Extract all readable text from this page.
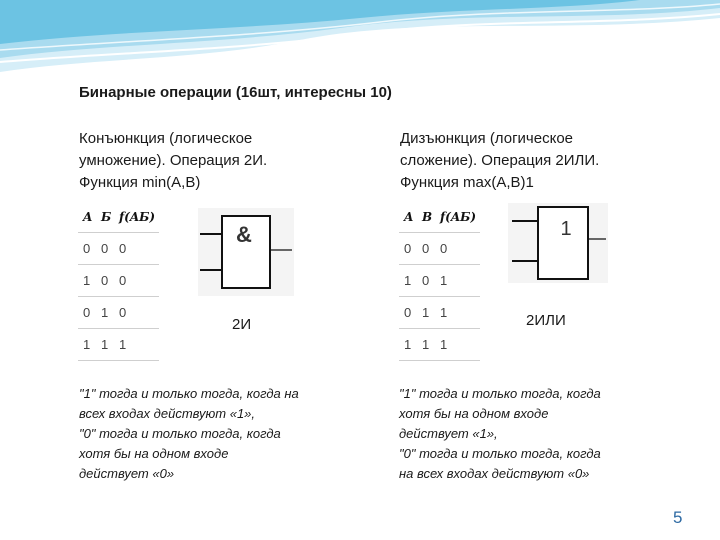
Бинарные операции (16шт, интересны 10)
Конъюнкция (логическое
умножение). Операция 2И.
Функция min(A,B)
Дизъюнкция (логическое
сложение). Операция 2ИЛИ.
Функция max(A,B)1
A	Б	f(AБ)
0	0	0
1	0	0
0	1	0
1	1	1
A	B	f(AБ)
0	0	0
1	0	1
0	1	1
1	1	1
&
2И
1
2ИЛИ
"1" тогда и только тогда, когда на
всех входах действуют «1»,
"0" тогда и только тогда, когда
хотя бы на одном входе
действует «0»
"1" тогда и только тогда, когда
хотя бы на одном входе
действует «1»,
"0" тогда и только тогда, когда
на всех входах действуют «0»
5
